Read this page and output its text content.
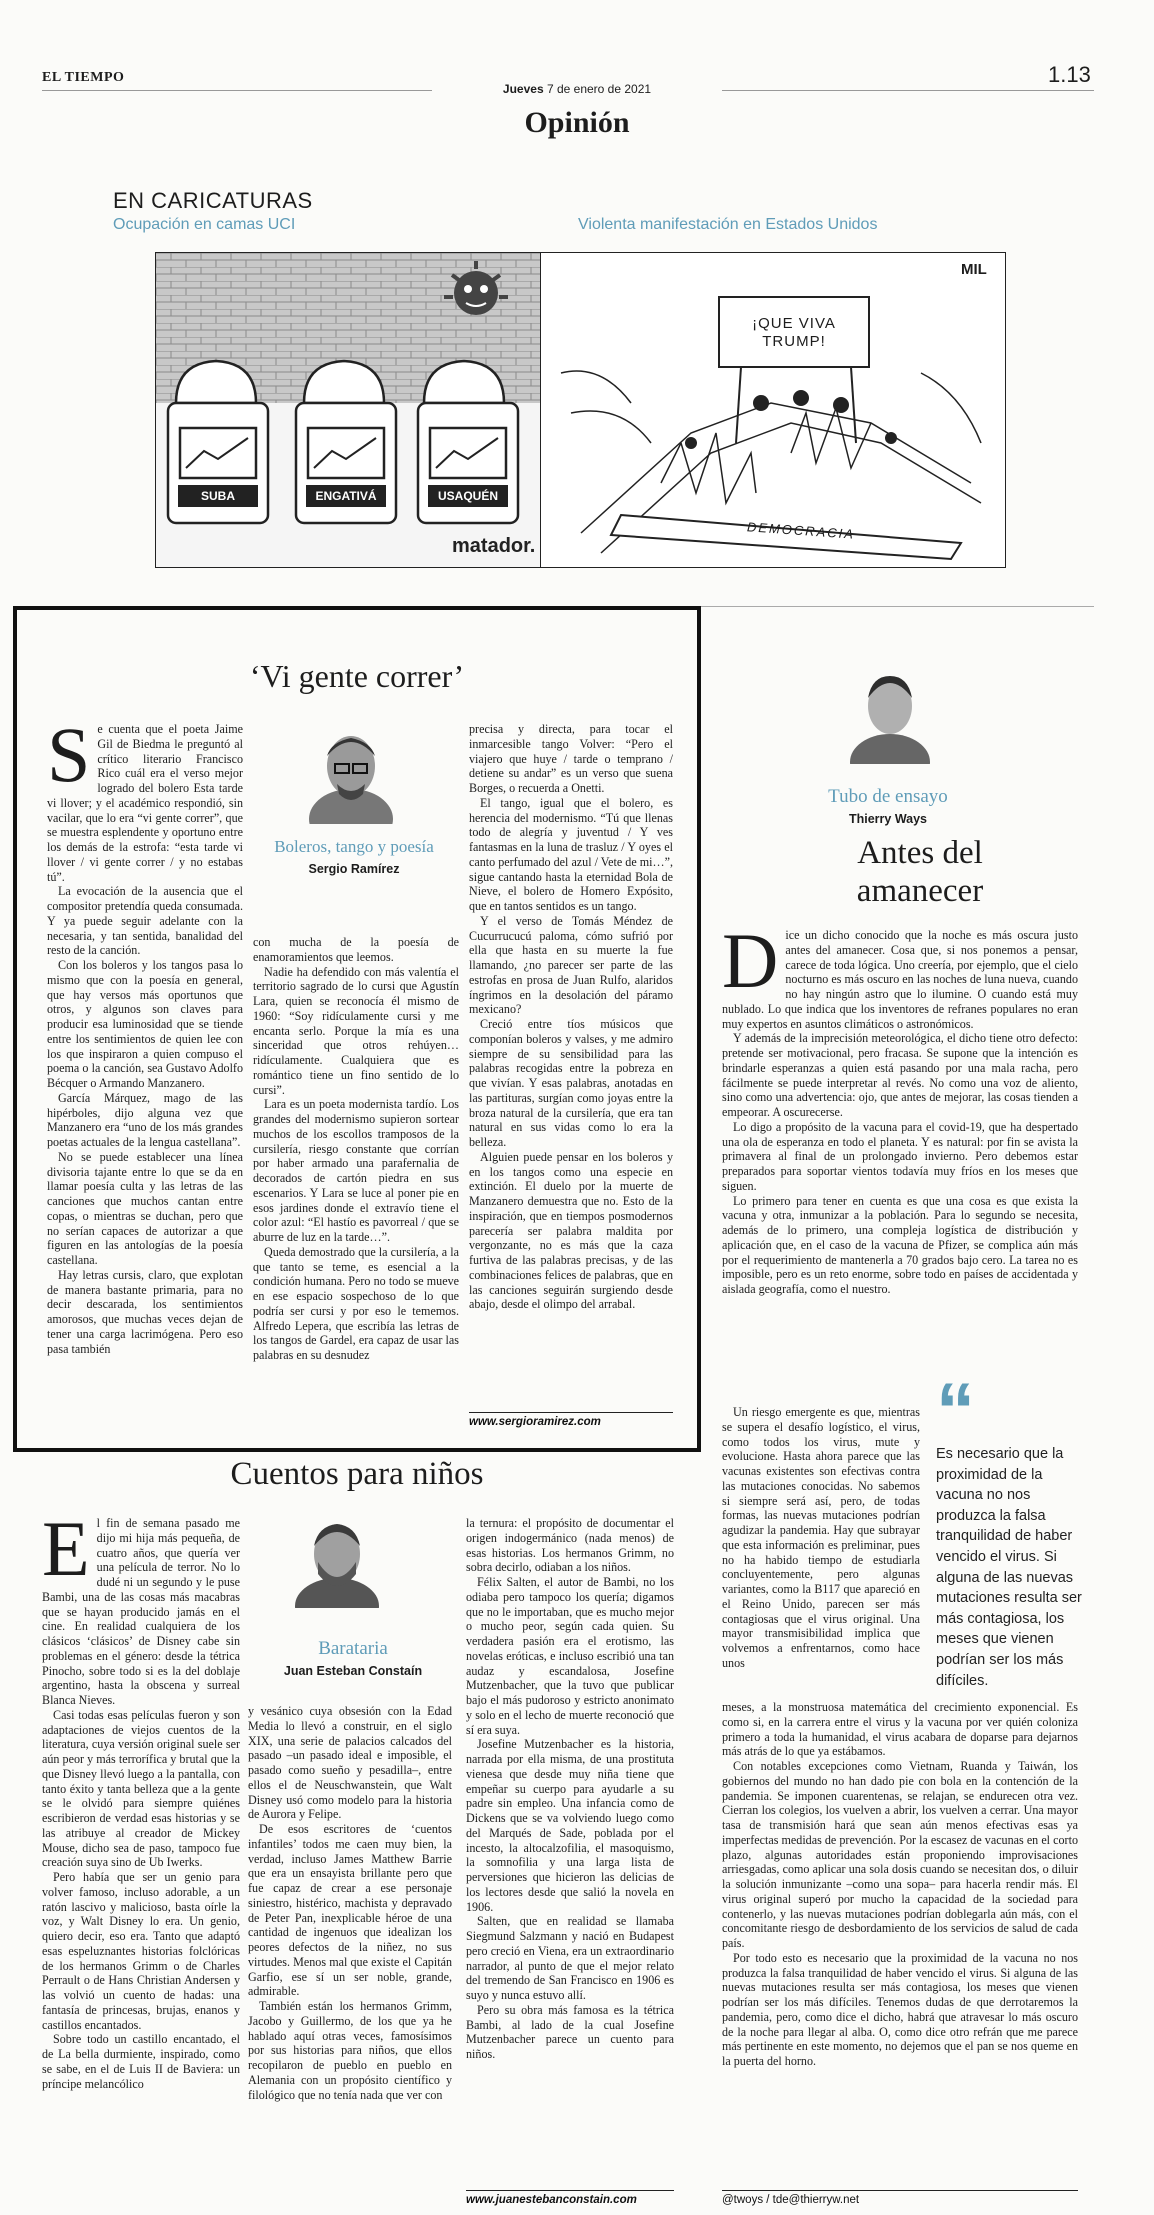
EL TIEMPO
Jueves 7 de enero de 2021
1.13
Opinión
EN CARICATURAS
Ocupación en camas UCI	Violenta manifestación en Estados Unidos
SUBA	ENGATIVÁ	USAQUÉN
matador.
¡QUE VIVA TRUMP!
DEMOCRACIA
MIL
‘Vi gente correr’
Boleros, tango y poesía
Sergio Ramírez
S e cuenta que el poeta Jaime Gil de Biedma le preguntó al crítico literario Francisco Rico cuál era el verso mejor logrado del bolero Esta tarde vi llover; y el académico respondió, sin vacilar, que lo era “vi gente correr”, que se muestra esplendente y oportuno entre los demás de la estrofa: “esta tarde vi llover / vi gente correr / y no estabas tú”.

La evocación de la ausencia que el compositor pretendía queda consumada. Y ya puede seguir adelante con la necesaria, y tan sentida, banalidad del resto de la canción.

Con los boleros y los tangos pasa lo mismo que con la poesía en general, que hay versos más oportunos que otros, y algunos son claves para producir esa luminosidad que se tiende entre los sentimientos de quien lee con los que inspiraron a quien compuso el poema o la canción, sea Gustavo Adolfo Bécquer o Armando Manzanero.

García Márquez, mago de las hipérboles, dijo alguna vez que Manzanero era “uno de los más grandes poetas actuales de la lengua castellana”.

No se puede establecer una línea divisoria tajante entre lo que se da en llamar poesía culta y las letras de las canciones que muchos cantan entre copas, o mientras se duchan, pero que no serían capaces de autorizar a que figuren en las antologías de la poesía castellana.

Hay letras cursis, claro, que explotan de manera bastante primaria, para no decir descarada, los sentimientos amorosos, que muchas veces dejan de tener una carga lacrimógena. Pero eso pasa también

con mucha de la poesía de enamoramientos que leemos.

Nadie ha defendido con más valentía el territorio sagrado de lo cursi que Agustín Lara, quien se reconocía él mismo de 1960: “Soy ridículamente cursi y me encanta serlo. Porque la mía es una sinceridad que otros rehúyen… ridículamente. Cualquiera que es romántico tiene un fino sentido de lo cursi”.

Lara es un poeta modernista tardío. Los grandes del modernismo supieron sortear muchos de los escollos tramposos de la cursilería, riesgo constante que corrían por haber armado una parafernalia de decorados de cartón piedra en sus escenarios. Y Lara se luce al poner pie en esos jardines donde el extravío tiene el color azul: “El hastío es pavorreal / que se aburre de luz en la tarde…”.

Queda demostrado que la cursilería, a la que tanto se teme, es esencial a la condición humana. Pero no todo se mueve en ese espacio sospechoso de lo que podría ser cursi y por eso le tememos. Alfredo Lepera, que escribía las letras de los tangos de Gardel, era capaz de usar las palabras en su desnudez

precisa y directa, para tocar el inmarcesible tango Volver: “Pero el viajero que huye / tarde o temprano / detiene su andar” es un verso que suena Borges, o recuerda a Onetti.

El tango, igual que el bolero, es herencia del modernismo. “Tú que llenas todo de alegría y juventud / Y ves fantasmas en la luna de trasluz / Y oyes el canto perfumado del azul / Vete de mi…”, sigue cantando hasta la eternidad Bola de Nieve, el bolero de Homero Expósito, que en tantos sentidos es un tango.

Y el verso de Tomás Méndez de Cucurrucucú paloma, cómo sufrió por ella que hasta en su muerte la fue llamando, ¿no parecer ser parte de las estrofas en prosa de Juan Rulfo, alaridos íngrimos en la desolación del páramo mexicano?

Creció entre tíos músicos que componían boleros y valses, y me admiro siempre de su sensibilidad para las palabras recogidas entre la pobreza en que vivían. Y esas palabras, anotadas en las partituras, surgían como joyas entre la broza natural de la cursilería, que era tan natural en sus vidas como lo era la belleza.

Alguien puede pensar en los boleros y en los tangos como una especie en extinción. El duelo por la muerte de Manzanero demuestra que no. Esto de la inspiración, que en tiempos posmodernos parecería ser palabra maldita por vergonzante, no es más que la caza furtiva de las palabras precisas, y de las combinaciones felices de palabras, que en las canciones seguirán surgiendo desde abajo, desde el olimpo del arrabal.

www.sergioramirez.com
Cuentos para niños
Barataria
Juan Esteban Constaín
E l fin de semana pasado me dijo mi hija más pequeña, de cuatro años, que quería ver una película de terror. No lo dudé ni un segundo y le puse Bambi, una de las cosas más macabras que se hayan producido jamás en el cine. En realidad cualquiera de los clásicos ‘clásicos’ de Disney cabe sin problemas en el género: desde la tétrica Pinocho, sobre todo si es la del doblaje argentino, hasta la obscena y surreal Blanca Nieves.

Casi todas esas películas fueron y son adaptaciones de viejos cuentos de la literatura, cuya versión original suele ser aún peor y más terrorífica y brutal que la que Disney llevó luego a la pantalla, con tanto éxito y tanta belleza que a la gente se le olvidó para siempre quiénes escribieron de verdad esas historias y se las atribuye al creador de Mickey Mouse, dicho sea de paso, tampoco fue creación suya sino de Ub Iwerks.

Pero había que ser un genio para volver famoso, incluso adorable, a un ratón lascivo y malicioso, basta oírle la voz, y Walt Disney lo era. Un genio, quiero decir, eso era. Tanto que adaptó esas espeluznantes historias folclóricas de los hermanos Grimm o de Charles Perrault o de Hans Christian Andersen y las volvió un cuento de hadas: una fantasía de princesas, brujas, enanos y castillos encantados.

Sobre todo un castillo encantado, el de La bella durmiente, inspirado, como se sabe, en el de Luis II de Baviera: un príncipe melancólico

y vesánico cuya obsesión con la Edad Media lo llevó a construir, en el siglo XIX, una serie de palacios calcados del pasado –un pasado ideal e imposible, el pasado como sueño y pesadilla–, entre ellos el de Neuschwanstein, que Walt Disney usó como modelo para la historia de Aurora y Felipe.

De esos escritores de ‘cuentos infantiles’ todos me caen muy bien, la verdad, incluso James Matthew Barrie que era un ensayista brillante pero que fue capaz de crear a ese personaje siniestro, histérico, machista y depravado de Peter Pan, inexplicable héroe de una cantidad de ingenuos que idealizan los peores defectos de la niñez, no sus virtudes. Menos mal que existe el Capitán Garfio, ese sí un ser noble, grande, admirable.

También están los hermanos Grimm, Jacobo y Guillermo, de los que ya he hablado aquí otras veces, famosísimos por sus historias para niños, que ellos recopilaron de pueblo en pueblo en Alemania con un propósito científico y filológico que no tenía nada que ver con

la ternura: el propósito de documentar el origen indogermánico (nada menos) de esas historias. Los hermanos Grimm, no sobra decirlo, odiaban a los niños.

Félix Salten, el autor de Bambi, no los odiaba pero tampoco los quería; digamos que no le importaban, que es mucho mejor o mucho peor, según cada quien. Su verdadera pasión era el erotismo, las novelas eróticas, e incluso escribió una tan audaz y escandalosa, Josefine Mutzenbacher, que la tuvo que publicar bajo el más pudoroso y estricto anonimato y solo en el lecho de muerte reconoció que sí era suya.

Josefine Mutzenbacher es la historia, narrada por ella misma, de una prostituta vienesa que desde muy niña tiene que empeñar su cuerpo para ayudarle a su padre sin empleo. Una infancia como de Dickens que se va volviendo luego como del Marqués de Sade, poblada por el incesto, la altocalzofilia, el masoquismo, la somnofilia y una larga lista de perversiones que hicieron las delicias de los lectores desde que salió la novela en 1906.

Salten, que en realidad se llamaba Siegmund Salzmann y nació en Budapest pero creció en Viena, era un extraordinario narrador, al punto de que el mejor relato del tremendo de San Francisco en 1906 es suyo y nunca estuvo allí.

Pero su obra más famosa es la tétrica Bambi, al lado de la cual Josefine Mutzenbacher parece un cuento para niños.

www.juanestebanconstain.com
Tubo de ensayo
Thierry Ways
Antes del
amanecer
D ice un dicho conocido que la noche es más oscura justo antes del amanecer. Cosa que, si nos ponemos a pensar, carece de toda lógica. Uno creería, por ejemplo, que el cielo nocturno es más oscuro en las noches de luna nueva, cuando no hay ningún astro que lo ilumine. O cuando está muy nublado. Lo que indica que los inventores de refranes populares no eran muy expertos en asuntos climáticos o astronómicos.

Y además de la imprecisión meteorológica, el dicho tiene otro defecto: pretende ser motivacional, pero fracasa. Se supone que la intención es brindarle esperanzas a quien está pasando por una mala racha, pero fácilmente se puede interpretar al revés. No como una voz de aliento, sino como una advertencia: ojo, que antes de mejorar, las cosas tienden a empeorar. A oscurecerse.

Lo digo a propósito de la vacuna para el covid-19, que ha despertado una ola de esperanza en todo el planeta. Y es natural: por fin se avista la primavera al final de un prolongado invierno. Pero debemos estar preparados para soportar vientos todavía muy fríos en los meses que siguen.

Lo primero para tener en cuenta es que una cosa es que exista la vacuna y otra, inmunizar a la población. Para lo segundo se necesita, además de lo primero, una compleja logística de distribución y aplicación que, en el caso de la vacuna de Pfizer, se complica aún más por el requerimiento de mantenerla a 70 grados bajo cero. La tarea no es imposible, pero es un reto enorme, sobre todo en países de accidentada y aislada geografía, como el nuestro.

Un riesgo emergente es que, mientras se supera el desafío logístico, el virus, como todos los virus, mute y evolucione. Hasta ahora parece que las vacunas existentes son efectivas contra las mutaciones conocidas. No sabemos si siempre será así, pero, de todas formas, las nuevas mutaciones podrían agudizar la pandemia. Hay que subrayar que esta información es preliminar, pues no ha habido tiempo de estudiarla concluyentemente, pero algunas variantes, como la B117 que apareció en el Reino Unido, parecen ser más contagiosas que el virus original. Una mayor transmisibilidad implica que volvemos a enfrentarnos, como hace unos

“
Es necesario que la proximidad de la vacuna no nos produzca la falsa tranquilidad de haber vencido el virus. Si alguna de las nuevas mutaciones resulta ser más contagiosa, los meses que vienen podrían ser los más difíciles.

meses, a la monstruosa matemática del crecimiento exponencial. Es como si, en la carrera entre el virus y la vacuna por ver quién coloniza primero a toda la humanidad, el virus acabara de doparse para dejarnos más atrás de lo que ya estábamos.

Con notables excepciones como Vietnam, Ruanda y Taiwán, los gobiernos del mundo no han dado pie con bola en la contención de la pandemia. Se imponen cuarentenas, se relajan, se endurecen otra vez. Cierran los colegios, los vuelven a abrir, los vuelven a cerrar. Una mayor tasa de transmisión hará que sean aún menos efectivas esas ya imperfectas medidas de prevención. Por la escasez de vacunas en el corto plazo, algunas autoridades están proponiendo improvisaciones arriesgadas, como aplicar una sola dosis cuando se necesitan dos, o diluir la solución inmunizante –como una sopa– para hacerla rendir más. El virus original superó por mucho la capacidad de la sociedad para contenerlo, y las nuevas mutaciones podrían doblegarla aún más, con el concomitante riesgo de desbordamiento de los servicios de salud de cada país.

Por todo esto es necesario que la proximidad de la vacuna no nos produzca la falsa tranquilidad de haber vencido el virus. Si alguna de las nuevas mutaciones resulta ser más contagiosa, los meses que vienen podrían ser los más difíciles. Tenemos dudas de que derrotaremos la pandemia, pero, como dice el dicho, habrá que atravesar lo más oscuro de la noche para llegar al alba. O, como dice otro refrán que me parece más pertinente en este momento, no dejemos que el pan se nos queme en la puerta del horno.

@twoys / tde@thierryw.net
